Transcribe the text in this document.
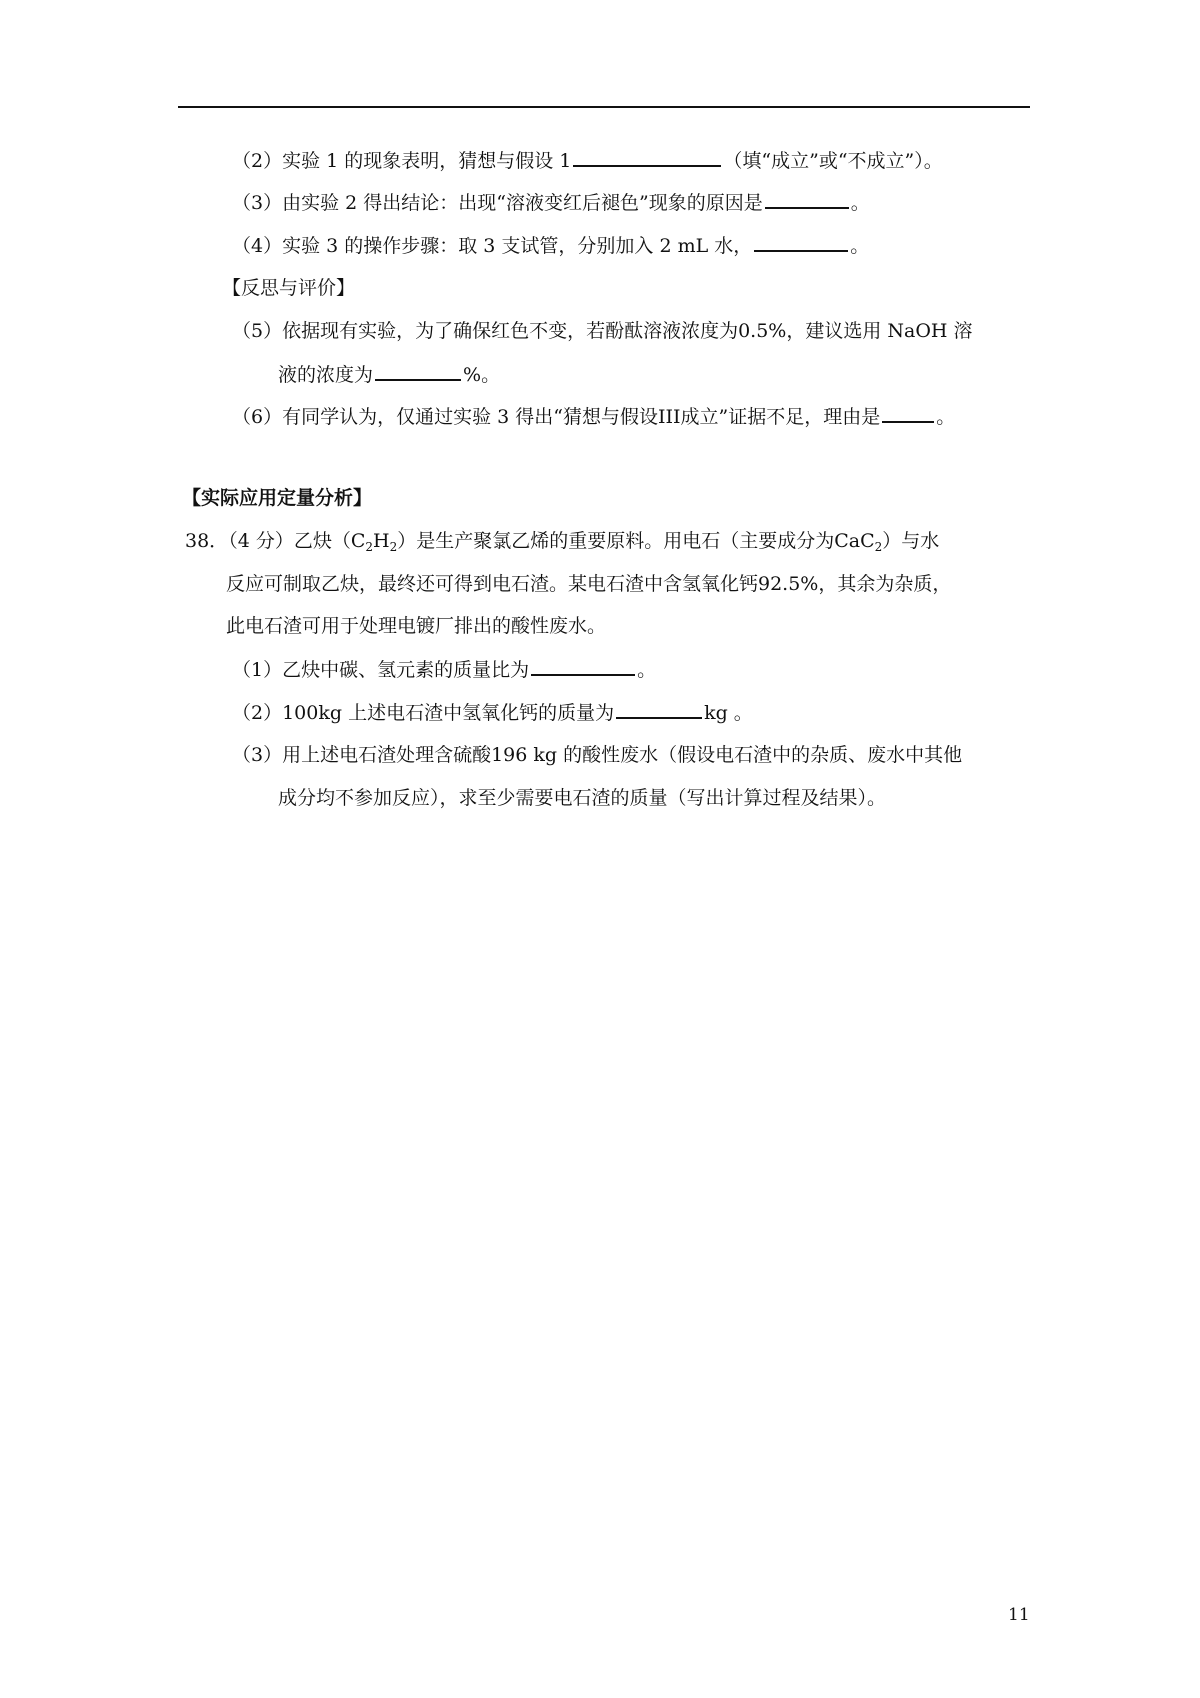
（2）实验 1 的现象表明，猜想与假设 1	（填“成立”或“不成立”）。
（3）由实验 2 得出结论：出现“溶液变红后褪色”现象的原因是	。
（4）实验 3 的操作步骤：取 3 支试管，分别加入 2 mL 水，	。
【反思与评价】
（5）依据现有实验，为了确保红色不变，若酚酞溶液浓度为0.5%，建议选用 NaOH 溶
液的浓度为	%。
（6）有同学认为，仅通过实验 3 得出“猜想与假设III成立”证据不足，理由是	。
【实际应用定量分析】
38．（4 分）乙炔$(C_2H_2)$是生产聚氯乙烯的重要原料。用电石（主要成分为CaC$_2$）与水
反应可制取乙炔，最终还可得到电石渣。某电石渣中含氢氧化钙92.5%，其余为杂质，
此电石渣可用于处理电镀厂排出的酸性废水。
（1）乙炔中碳、氢元素的质量比为	。
（2）100kg 上述电石渣中氢氧化钙的质量为	kg 。
（3）用上述电石渣处理含硫酸196 kg 的酸性废水（假设电石渣中的杂质、废水中其他
成分均不参加反应），求至少需要电石渣的质量（写出计算过程及结果）。
11
